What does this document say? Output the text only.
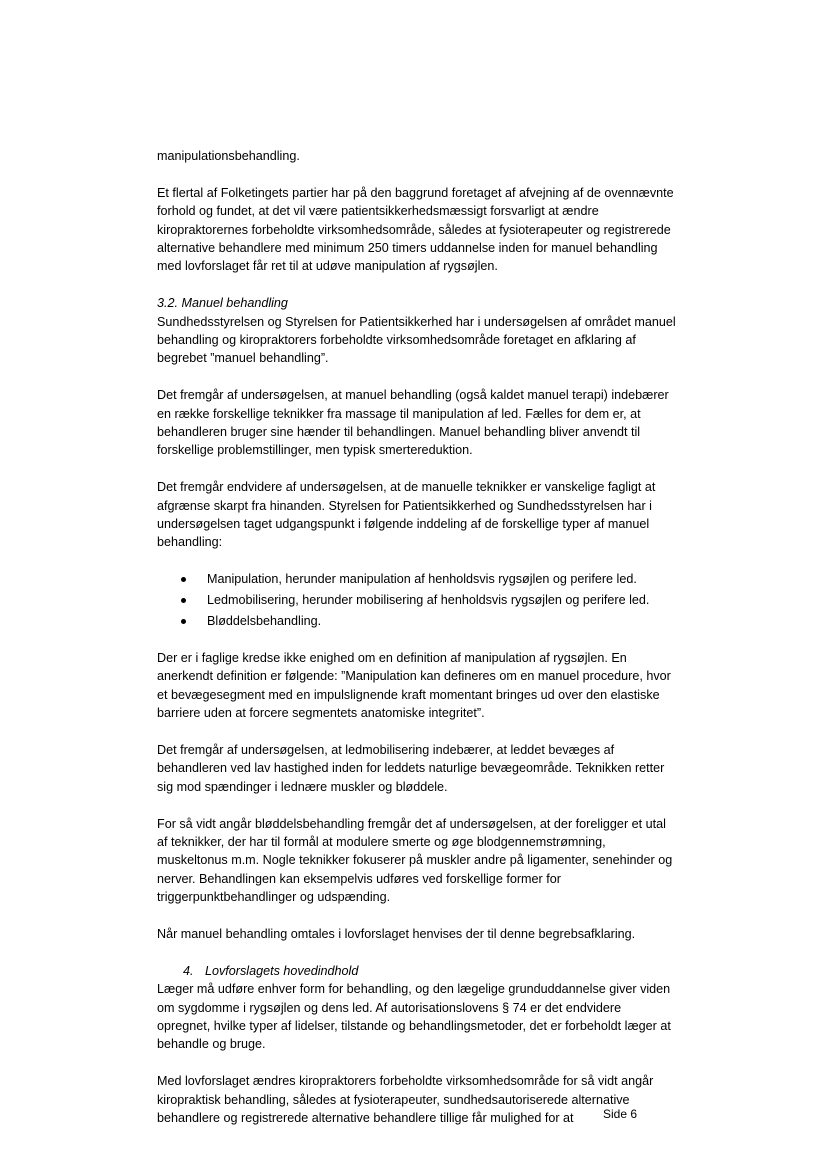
manipulationsbehandling.

Et flertal af Folketingets partier har på den baggrund foretaget af afvejning af de ovennævnte forhold og fundet, at det vil være patientsikkerhedsmæssigt forsvarligt at ændre kiropraktorernes forbeholdte virksomhedsområde, således at fysioterapeuter og registrerede alternative behandlere med minimum 250 timers uddannelse inden for manuel behandling med lovforslaget får ret til at udøve manipulation af rygsøjlen.

3.2. Manuel behandling

Sundhedsstyrelsen og Styrelsen for Patientsikkerhed har i undersøgelsen af området manuel behandling og kiropraktorers forbeholdte virksomhedsområde foretaget en afklaring af begrebet ”manuel behandling”.

Det fremgår af undersøgelsen, at manuel behandling (også kaldet manuel terapi) indebærer en række forskellige teknikker fra massage til manipulation af led. Fælles for dem er, at behandleren bruger sine hænder til behandlingen. Manuel behandling bliver anvendt til forskellige problemstillinger, men typisk smertereduktion.

Det fremgår endvidere af undersøgelsen, at de manuelle teknikker er vanskelige fagligt at afgrænse skarpt fra hinanden. Styrelsen for Patientsikkerhed og Sundhedsstyrelsen har i undersøgelsen taget udgangspunkt i følgende inddeling af de forskellige typer af manuel behandling:

Manipulation, herunder manipulation af henholdsvis rygsøjlen og perifere led.
Ledmobilisering, herunder mobilisering af henholdsvis rygsøjlen og perifere led.
Bløddelsbehandling.

Der er i faglige kredse ikke enighed om en definition af manipulation af rygsøjlen. En anerkendt definition er følgende: ”Manipulation kan defineres om en manuel procedure, hvor et bevægesegment med en impulslignende kraft momentant bringes ud over den elastiske barriere uden at forcere segmentets anatomiske integritet”.

Det fremgår af undersøgelsen, at ledmobilisering indebærer, at leddet bevæges af behandleren ved lav hastighed inden for leddets naturlige bevægeområde. Teknikken retter sig mod spændinger i lednære muskler og bløddele.

For så vidt angår bløddelsbehandling fremgår det af undersøgelsen, at der foreligger et utal af teknikker, der har til formål at modulere smerte og øge blodgennemstrømning, muskeltonus m.m. Nogle teknikker fokuserer på muskler andre på ligamenter, senehinder og nerver. Behandlingen kan eksempelvis udføres ved forskellige former for triggerpunktbehandlinger og udspænding.

Når manuel behandling omtales i lovforslaget henvises der til denne begrebsafklaring.

4. Lovforslagets hovedindhold

Læger må udføre enhver form for behandling, og den lægelige grunduddannelse giver viden om sygdomme i rygsøjlen og dens led. Af autorisationslovens § 74 er det endvidere opregnet, hvilke typer af lidelser, tilstande og behandlingsmetoder, det er forbeholdt læger at behandle og bruge.

Med lovforslaget ændres kiropraktorers forbeholdte virksomhedsområde for så vidt angår kiropraktisk behandling, således at fysioterapeuter, sundhedsautoriserede alternative behandlere og registrerede alternative behandlere tillige får mulighed for at	Side 6
